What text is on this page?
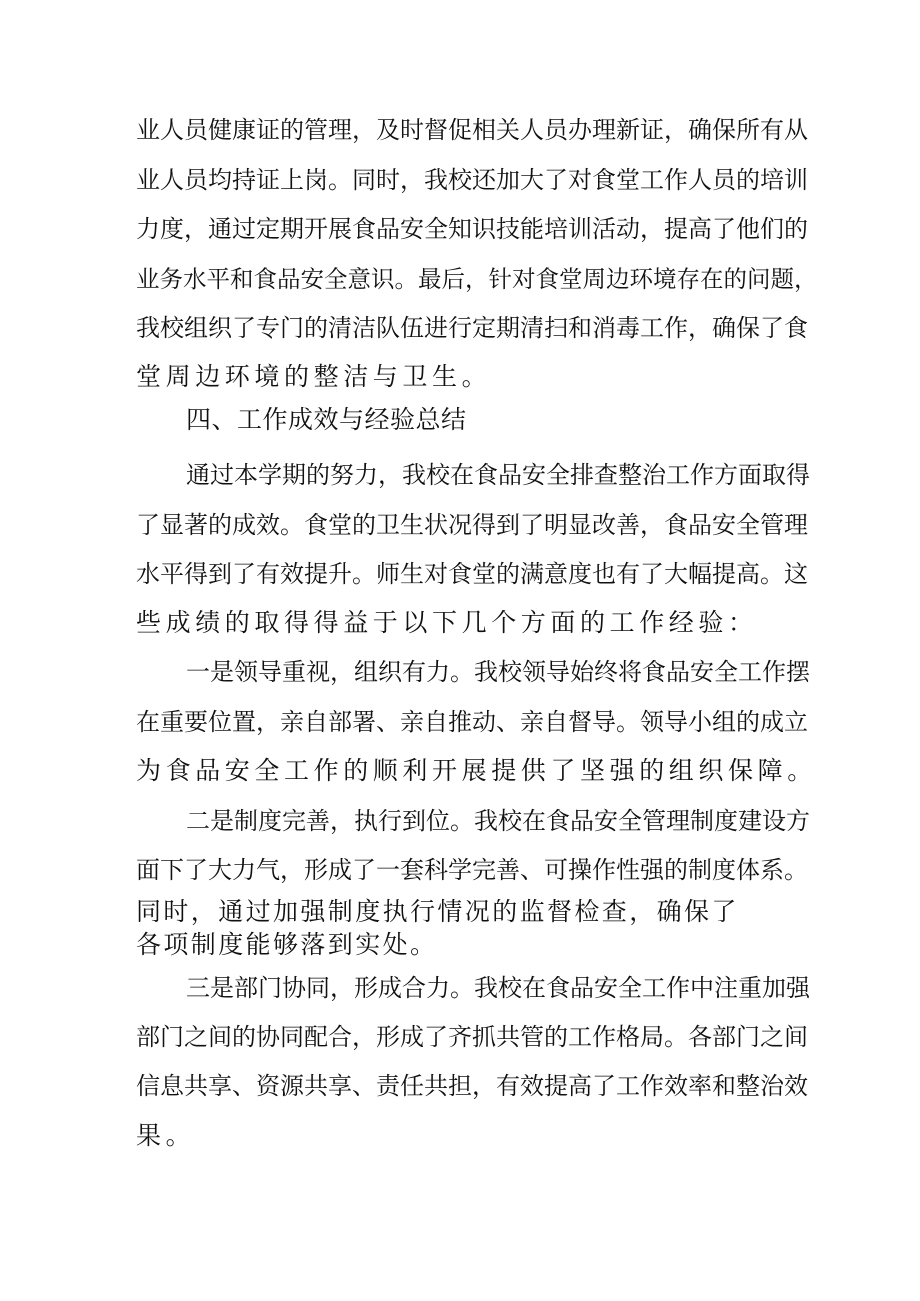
业人员健康证的管理，及时督促相关人员办理新证，确保所有从
业人员均持证上岗。同时，我校还加大了对食堂工作人员的培训
力度，通过定期开展食品安全知识技能培训活动，提高了他们的
业务水平和食品安全意识。最后，针对食堂周边环境存在的问题，
我校组织了专门的清洁队伍进行定期清扫和消毒工作，确保了食
堂周边环境的整洁与卫生。
四、工作成效与经验总结
通过本学期的努力，我校在食品安全排查整治工作方面取得
了显著的成效。食堂的卫生状况得到了明显改善，食品安全管理
水平得到了有效提升。师生对食堂的满意度也有了大幅提高。这
些成绩的取得得益于以下几个方面的工作经验：
一是领导重视，组织有力。我校领导始终将食品安全工作摆
在重要位置，亲自部署、亲自推动、亲自督导。领导小组的成立
为食品安全工作的顺利开展提供了坚强的组织保障。
二是制度完善，执行到位。我校在食品安全管理制度建设方
面下了大力气，形成了一套科学完善、可操作性强的制度体系。
同时，通过加强制度执行情况的监督检查，确保了
各项制度能够落到实处。
三是部门协同，形成合力。我校在食品安全工作中注重加强
部门之间的协同配合，形成了齐抓共管的工作格局。各部门之间
信息共享、资源共享、责任共担，有效提高了工作效率和整治效
果。
